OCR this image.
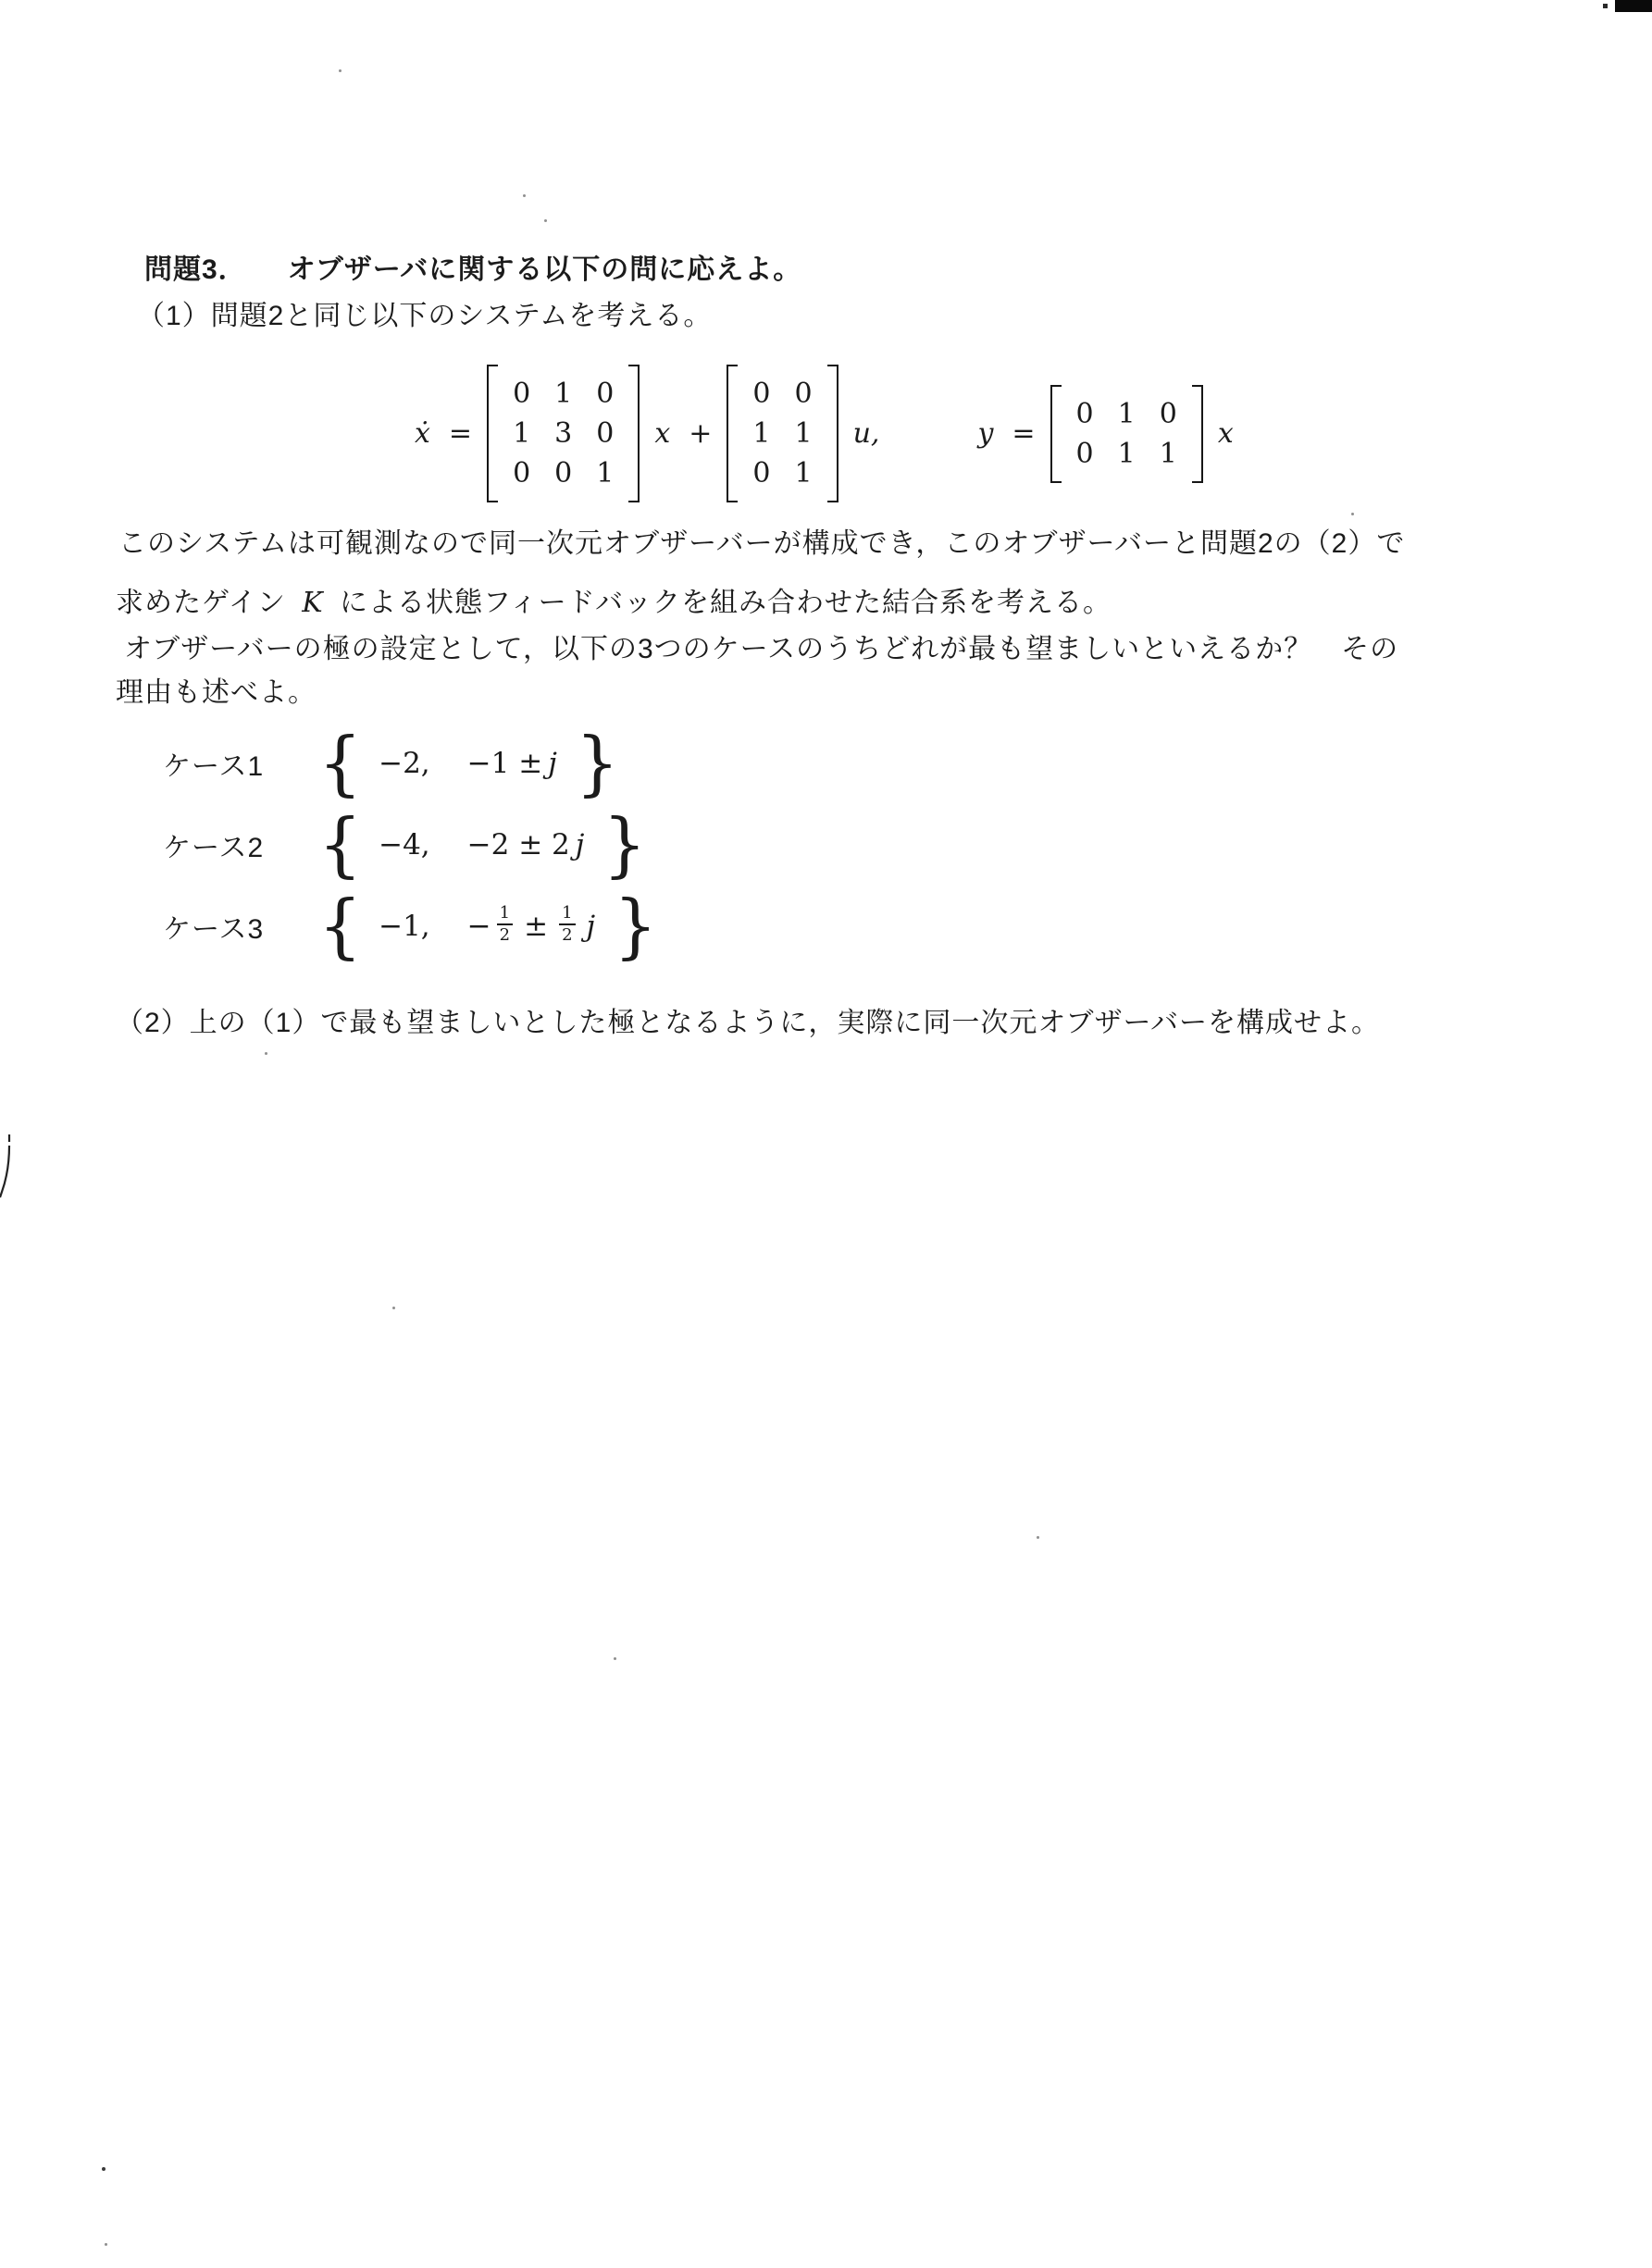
問題3． オブザーバに関する以下の問に応えよ。
（1）問題2と同じ以下のシステムを考える。
ẋ =
0 1 0
1 3 0
0 0 1
x +
0 0
1 1
0 1
u,	y =
0 1 0
0 1 1
x
このシステムは可観測なので同一次元オブザーバーが構成でき，このオブザーバーと問題2の（2）で
求めたゲイン K による状態フィードバックを組み合わせた結合系を考える。
オブザーバーの極の設定として，以下の3つのケースのうちどれが最も望ましいといえるか？　その
理由も述べよ。
ケース1 { −2, −1 ± j }
ケース2 { −4, −2 ± 2 j }
ケース3 { −1, − $\frac{1}{2} \pm \frac{1}{2}$ j }
（2）上の（1）で最も望ましいとした極となるように，実際に同一次元オブザーバーを構成せよ。
